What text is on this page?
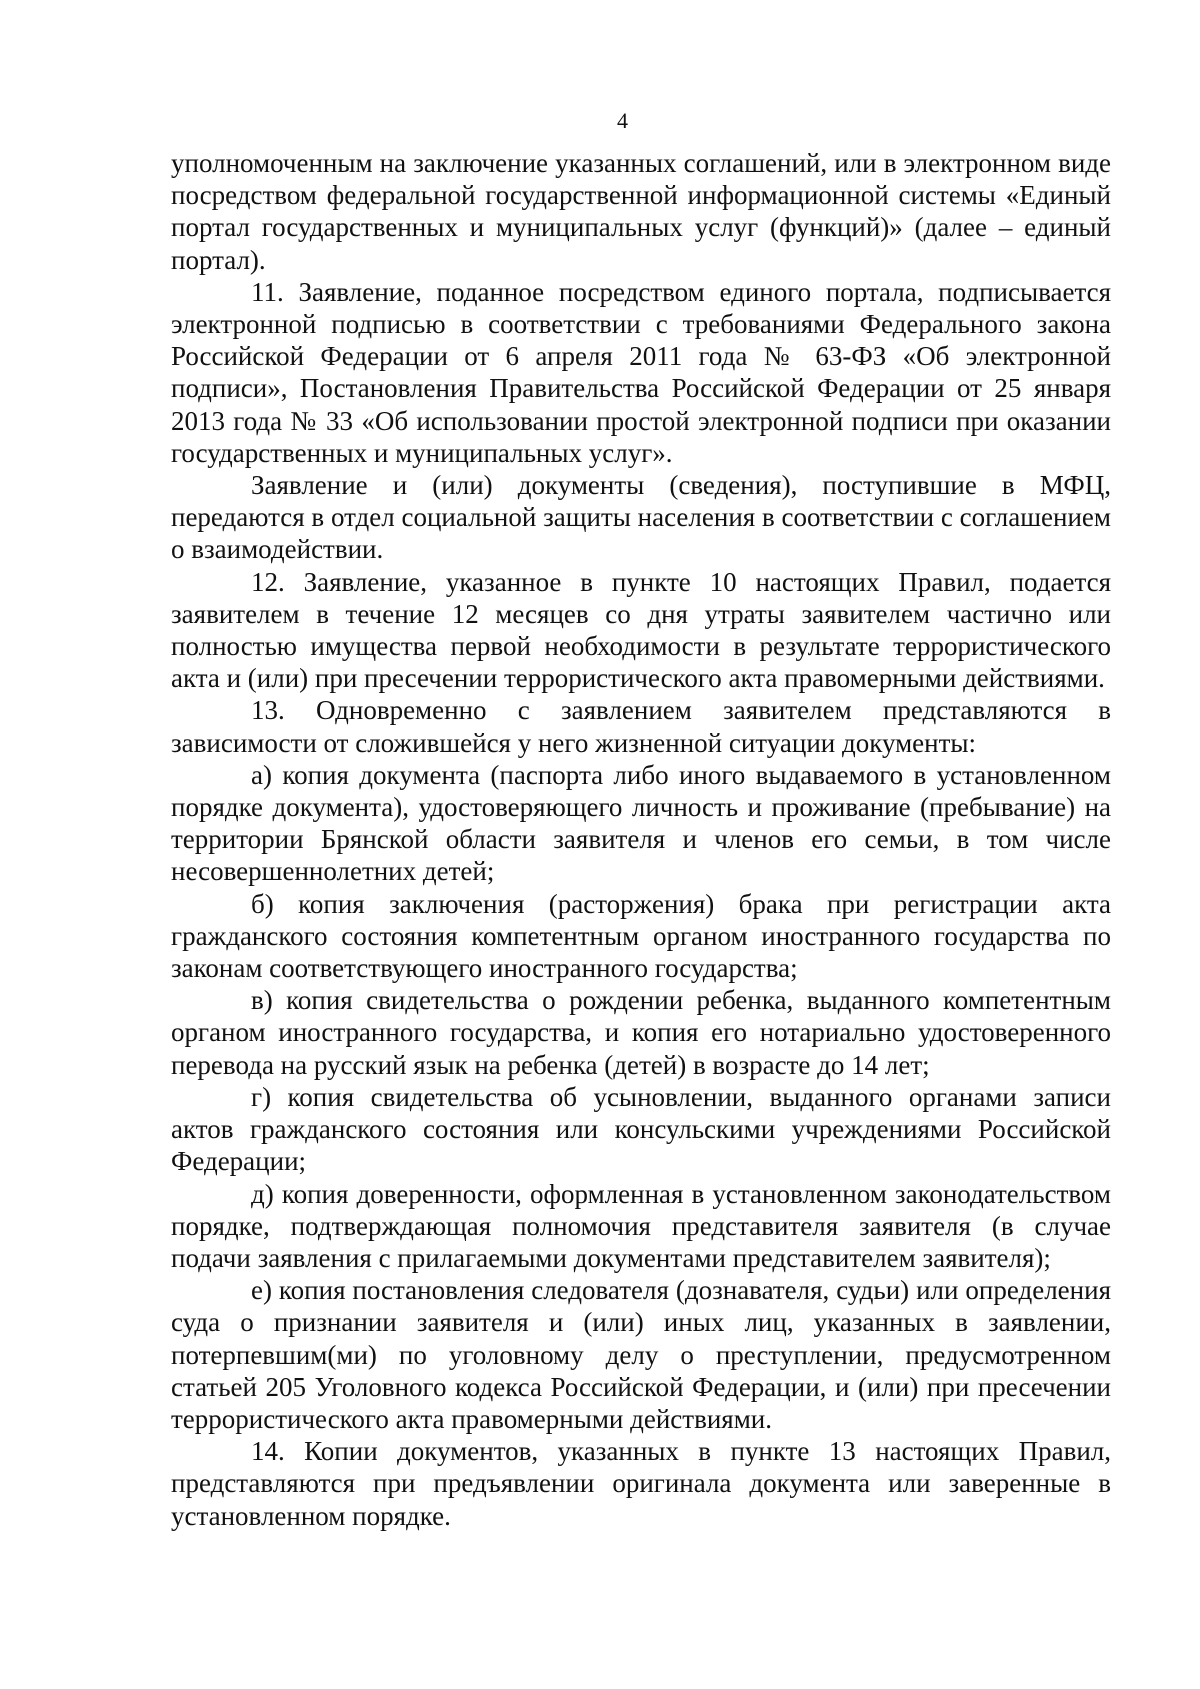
4

уполномоченным на заключение указанных соглашений, или в электронном виде посредством федеральной государственной информационной системы «Единый портал государственных и муниципальных услуг (функций)» (далее – единый портал).

11. Заявление, поданное посредством единого портала, подписывается электронной подписью в соответствии с требованиями Федерального закона Российской Федерации от 6 апреля 2011 года № 63-ФЗ «Об электронной подписи», Постановления Правительства Российской Федерации от 25 января 2013 года № 33 «Об использовании простой электронной подписи при оказании государственных и муниципальных услуг».

Заявление и (или) документы (сведения), поступившие в МФЦ, передаются в отдел социальной защиты населения в соответствии с соглашением о взаимодействии.

12. Заявление, указанное в пункте 10 настоящих Правил, подается заявителем в течение 12 месяцев со дня утраты заявителем частично или полностью имущества первой необходимости в результате террористического акта и (или) при пресечении террористического акта правомерными действиями.

13. Одновременно с заявлением заявителем представляются в зависимости от сложившейся у него жизненной ситуации документы:

а) копия документа (паспорта либо иного выдаваемого в установленном порядке документа), удостоверяющего личность и проживание (пребывание) на территории Брянской области заявителя и членов его семьи, в том числе несовершеннолетних детей;

б) копия заключения (расторжения) брака при регистрации акта гражданского состояния компетентным органом иностранного государства по законам соответствующего иностранного государства;

в) копия свидетельства о рождении ребенка, выданного компетентным органом иностранного государства, и копия его нотариально удостоверенного перевода на русский язык на ребенка (детей) в возрасте до 14 лет;

г) копия свидетельства об усыновлении, выданного органами записи актов гражданского состояния или консульскими учреждениями Российской Федерации;

д) копия доверенности, оформленная в установленном законодательством порядке, подтверждающая полномочия представителя заявителя (в случае подачи заявления с прилагаемыми документами представителем заявителя);

е) копия постановления следователя (дознавателя, судьи) или определения суда о признании заявителя и (или) иных лиц, указанных в заявлении, потерпевшим(ми) по уголовному делу о преступлении, предусмотренном статьей 205 Уголовного кодекса Российской Федерации, и (или) при пресечении террористического акта правомерными действиями.

14. Копии документов, указанных в пункте 13 настоящих Правил, представляются при предъявлении оригинала документа или заверенные в установленном порядке.
